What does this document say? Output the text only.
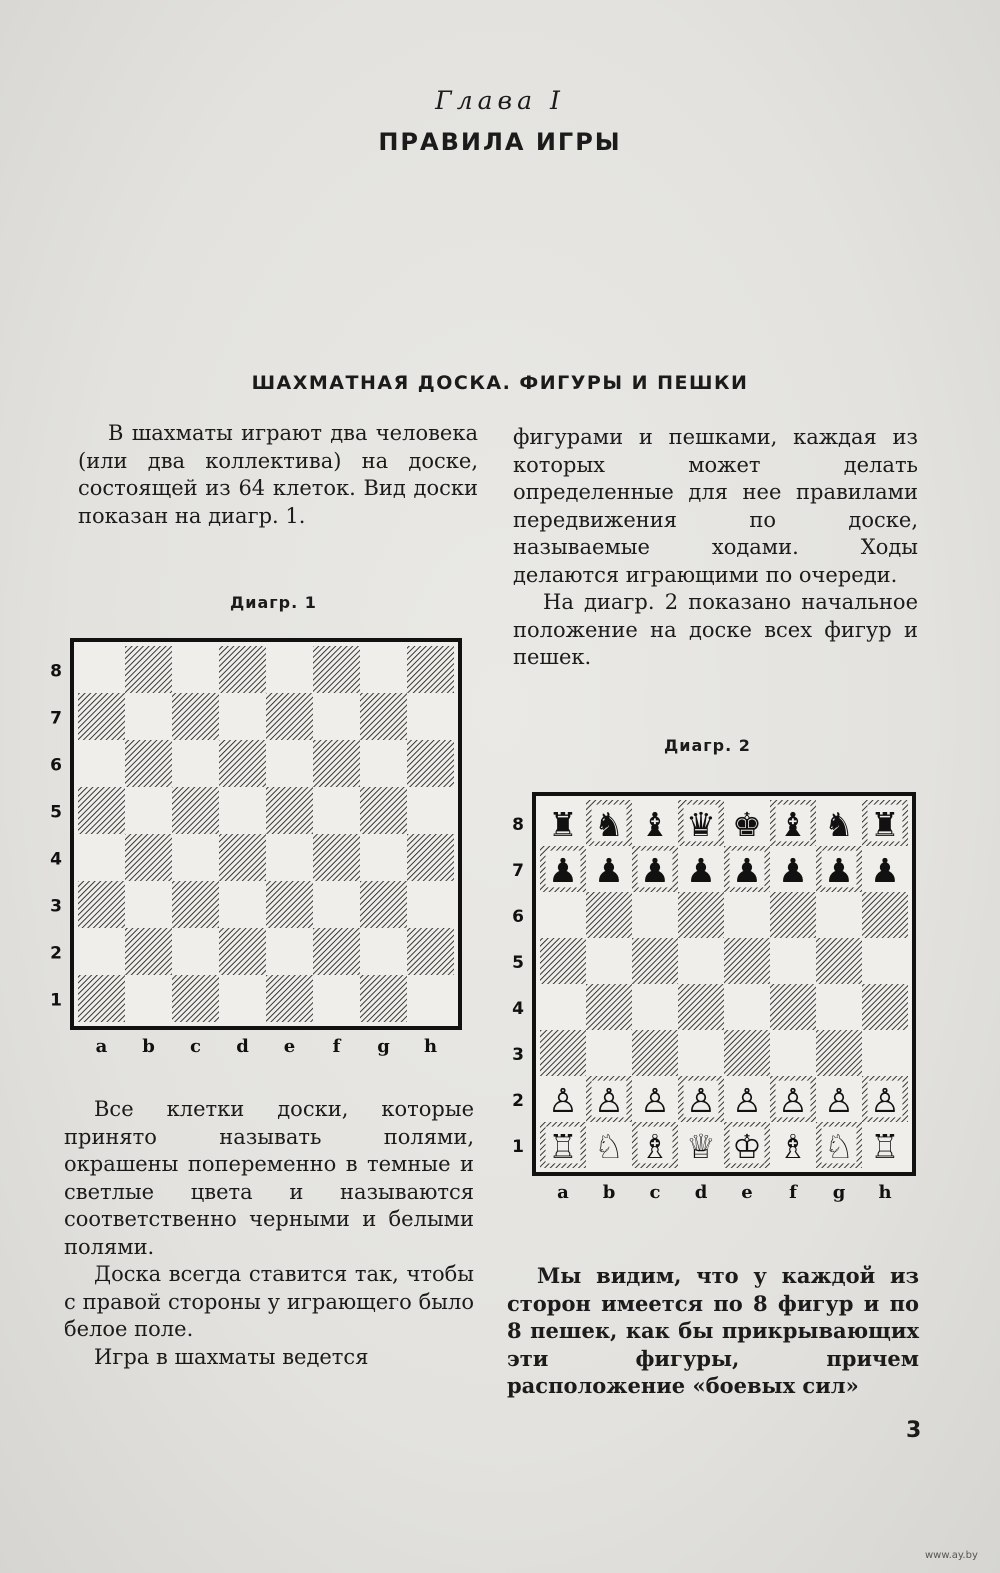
Глава I
ПРАВИЛА ИГРЫ
ШАХМАТНАЯ ДОСКА. ФИГУРЫ И ПЕШКИ

В шахматы играют два человека (или два коллектива) на доске, состоящей из 64 клеток. Вид доски показан на диагр. 1.

фигурами и пешками, каждая из которых может делать определенные для нее правилами передвижения по доске, называемые ходами. Ходы делаются играющими по очереди.

На диагр. 2 показано начальное положение на доске всех фигур и пешек.

Диагр. 1
8
7
6
5
4
3
2
1
a b c d e f g h
Диагр. 2
♜ ♞ ♝ ♛ ♚ ♝ ♞ ♜
♟ ♟ ♟ ♟ ♟ ♟ ♟ ♟
♙ ♙ ♙ ♙ ♙ ♙ ♙ ♙
♖ ♘ ♗ ♕ ♔ ♗ ♘ ♖
8
7
6
5
4
3
2
1
a b c d e f g h

Все клетки доски, которые принято называть полями, окрашены попеременно в темные и светлые цвета и называются соответственно черными и белыми полями.

Доска всегда ставится так, чтобы с правой стороны у играющего было белое поле.

Игра в шахматы ведется

Мы видим, что у каждой из сторон имеется по 8 фигур и по 8 пешек, как бы прикрывающих эти фигуры, причем расположение «боевых сил»

3
www.ay.by
